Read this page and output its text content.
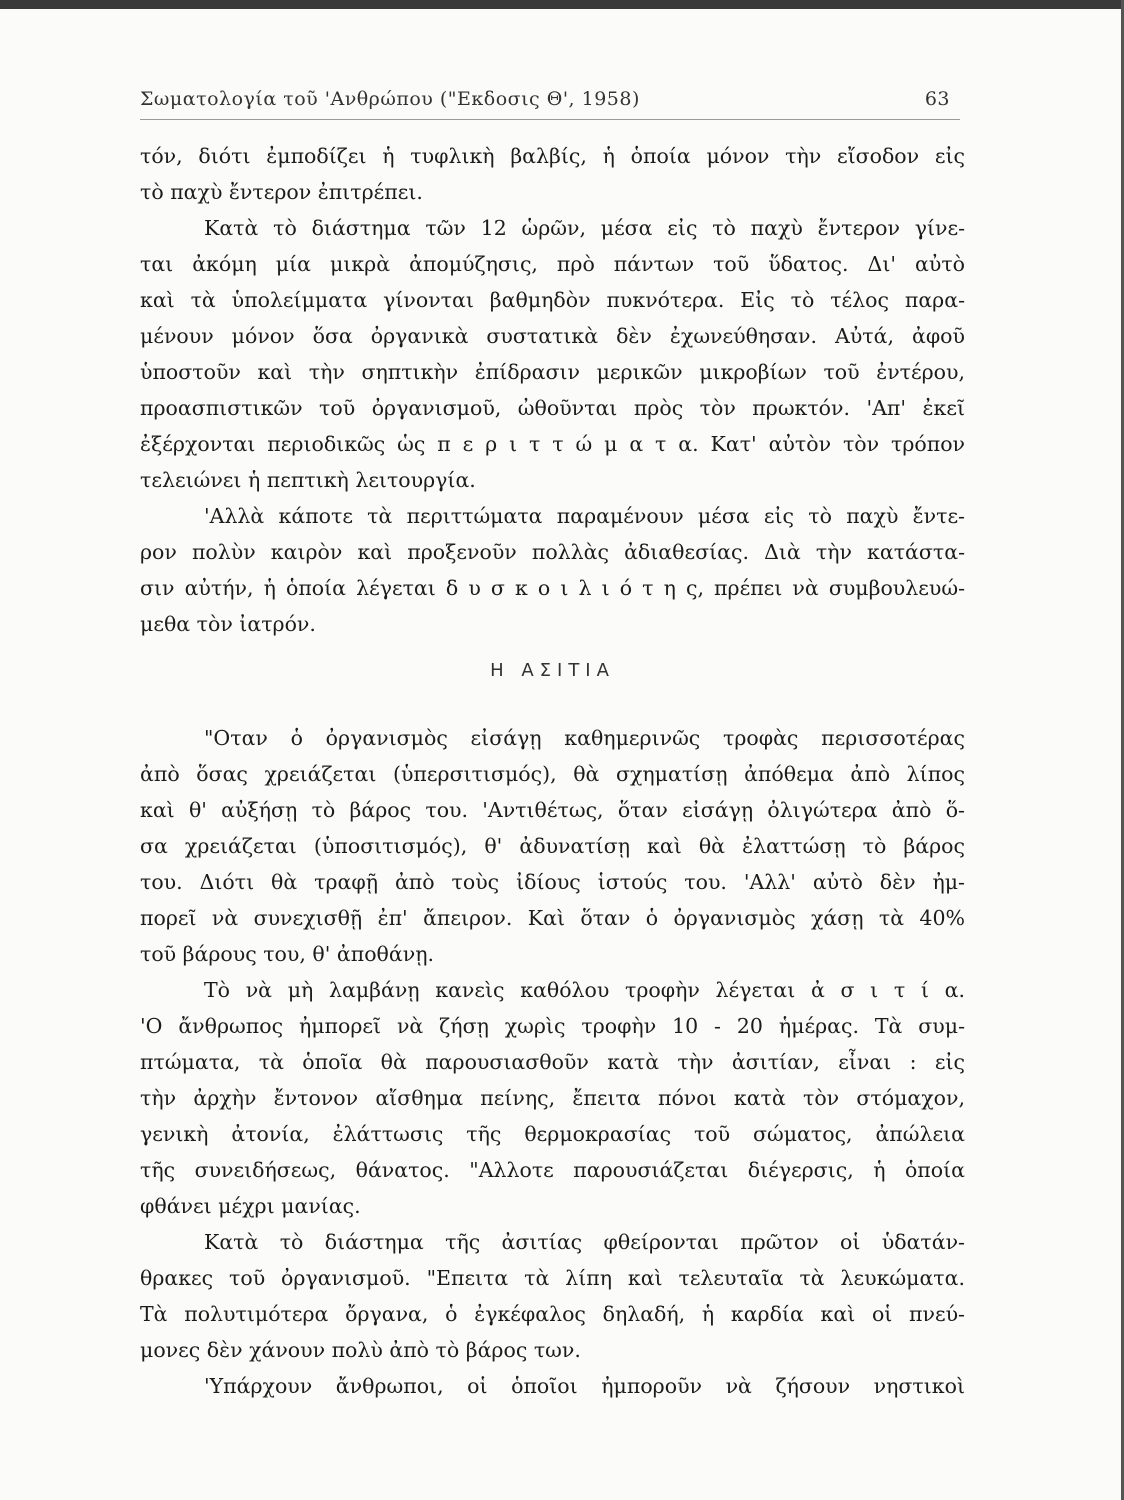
Σωματολογία τοῦ 'Ανθρώπου ("Εκδοσις Θ', 1958)	63
τόν, διότι ἐμποδίζει ἡ τυφλικὴ βαλβίς, ἡ ὁποία μόνον τὴν εἴσοδον εἰς
τὸ παχὺ ἔντερον ἐπιτρέπει.
Κατὰ τὸ διάστημα τῶν 12 ὡρῶν, μέσα εἰς τὸ παχὺ ἔντερον γίνε-
ται ἀκόμη μία μικρὰ ἀπομύζησις, πρὸ πάντων τοῦ ὕδατος. Δι' αὐτὸ
καὶ τὰ ὑπολείμματα γίνονται βαθμηδὸν πυκνότερα. Εἰς τὸ τέλος παρα-
μένουν μόνον ὅσα ὀργανικὰ συστατικὰ δὲν ἐχωνεύθησαν. Αὐτά, ἀφοῦ
ὑποστοῦν καὶ τὴν σηπτικὴν ἐπίδρασιν μερικῶν μικροβίων τοῦ ἐντέρου,
προασπιστικῶν τοῦ ὀργανισμοῦ, ὠθοῦνται πρὸς τὸν πρωκτόν. 'Απ' ἐκεῖ
ἐξέρχονται περιοδικῶς ὡς π ε ρ ι τ τ ώ μ α τ α. Κατ' αὐτὸν τὸν τρόπον
τελειώνει ἡ πεπτικὴ λειτουργία.
'Αλλὰ κάποτε τὰ περιττώματα παραμένουν μέσα εἰς τὸ παχὺ ἔντε-
ρον πολὺν καιρὸν καὶ προξενοῦν πολλὰς ἀδιαθεσίας. Διὰ τὴν κατάστα-
σιν αὐτήν, ἡ ὁποία λέγεται δ υ σ κ ο ι λ ι ό τ η ς, πρέπει νὰ συμβουλευώ-
μεθα τὸν ἰατρόν.
Η ΑΣΙΤΙΑ
"Οταν ὁ ὀργανισμὸς εἰσάγῃ καθημερινῶς τροφὰς περισσοτέρας
ἀπὸ ὅσας χρειάζεται (ὑπερσιτισμός), θὰ σχηματίσῃ ἀπόθεμα ἀπὸ λίπος
καὶ θ' αὐξήσῃ τὸ βάρος του. 'Αντιθέτως, ὅταν εἰσάγῃ ὀλιγώτερα ἀπὸ ὅ-
σα χρειάζεται (ὑποσιτισμός), θ' ἀδυνατίσῃ καὶ θὰ ἐλαττώσῃ τὸ βάρος
του. Διότι θὰ τραφῇ ἀπὸ τοὺς ἰδίους ἱστούς του. 'Αλλ' αὐτὸ δὲν ἠμ-
πορεῖ νὰ συνεχισθῇ ἐπ' ἄπειρον. Καὶ ὅταν ὁ ὀργανισμὸς χάσῃ τὰ 40%
τοῦ βάρους του, θ' ἀποθάνῃ.
Τὸ νὰ μὴ λαμβάνῃ κανεὶς καθόλου τροφὴν λέγεται ἀ σ ι τ ί α.
'Ο ἄνθρωπος ἠμπορεῖ νὰ ζήσῃ χωρὶς τροφὴν 10 - 20 ἡμέρας. Τὰ συμ-
πτώματα, τὰ ὁποῖα θὰ παρουσιασθοῦν κατὰ τὴν ἀσιτίαν, εἶναι : εἰς
τὴν ἀρχὴν ἔντονον αἴσθημα πείνης, ἔπειτα πόνοι κατὰ τὸν στόμαχον,
γενικὴ ἀτονία, ἐλάττωσις τῆς θερμοκρασίας τοῦ σώματος, ἀπώλεια
τῆς συνειδήσεως, θάνατος. "Αλλοτε παρουσιάζεται διέγερσις, ἡ ὁποία
φθάνει μέχρι μανίας.
Κατὰ τὸ διάστημα τῆς ἀσιτίας φθείρονται πρῶτον οἱ ὑδατάν-
θρακες τοῦ ὀργανισμοῦ. "Επειτα τὰ λίπη καὶ τελευταῖα τὰ λευκώματα.
Τὰ πολυτιμότερα ὄργανα, ὁ ἐγκέφαλος δηλαδή, ἡ καρδία καὶ οἱ πνεύ-
μονες δὲν χάνουν πολὺ ἀπὸ τὸ βάρος των.
'Υπάρχουν ἄνθρωποι, οἱ ὁποῖοι ἠμποροῦν νὰ ζήσουν νηστικοὶ
